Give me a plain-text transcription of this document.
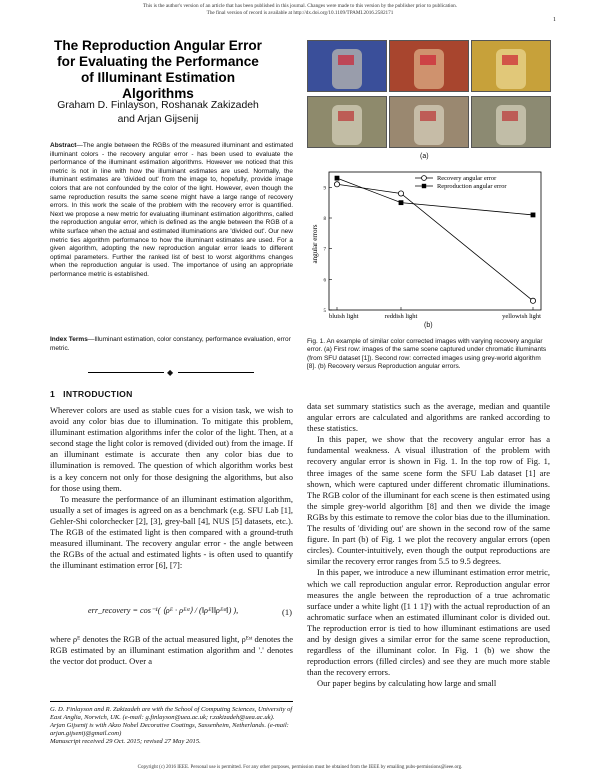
This is the author's version of an article that has been published in this journal. Changes were made to this version by the publisher prior to publication.
The final version of record is available at http://dx.doi.org/10.1109/TPAMI.2016.2582171
1
The Reproduction Angular Error for Evaluating the Performance of Illuminant Estimation Algorithms
Graham D. Finlayson, Roshanak Zakizadeh
and Arjan Gijsenij
Abstract—The angle between the RGBs of the measured illuminant and estimated illuminant colors - the recovery angular error - has been used to evaluate the performance of the illuminant estimation algorithms. However we noticed that this metric is not in line with how the illuminant estimates are used. Normally, the illuminant estimates are 'divided out' from the image to, hopefully, provide image colors that are not confounded by the color of the light. However, even though the same reproduction results the same scene might have a large range of recovery errors. In this work the scale of the problem with the recovery error is quantified. Next we propose a new metric for evaluating illuminant estimation algorithms, called the reproduction angular error, which is defined as the angle between the RGB of a white surface when the actual and estimated illuminations are 'divided out'. Our new metric ties algorithm performance to how the illuminant estimates are used. For a given algorithm, adopting the new reproduction angular error leads to different optimal parameters. Further the ranked list of best to worst algorithms changes when the reproduction angular is used. The importance of using an appropriate performance metric is established.
Index Terms—Illuminant estimation, color constancy, performance evaluation, error metric.
◆
1 INTRODUCTION

Wherever colors are used as stable cues for a vision task, we wish to avoid any color bias due to illumination. To mitigate this problem, illuminant estimation algorithms infer the color of the light. Then, at a second stage the light color is removed (divided out) from the image. If an illuminant estimate is accurate then any color bias due to illumination is removed. The question of which algorithm works best is a key concern not only for those designing the algorithms, but also for those using them.

To measure the performance of an illuminant estimation algorithm, usually a set of images is agreed on as a benchmark (e.g. SFU Lab [1], Gehler-Shi colorchecker [2], [3], grey-ball [4], NUS [5] datasets, etc.). The RGB of the estimated light is then compared with a ground-truth measured illuminant. The recovery angular error - the angle between the RGBs of the actual and estimated lights - is often used to quantify the illuminant estimation error [6], [7]:

err_recovery = cos⁻¹( ⟨ρᴱ · ρᴱˢᵗ⟩ / (‖ρᴱ‖‖ρᴱˢᵗ‖) ),	(1)

where ρᴱ denotes the RGB of the actual measured light, ρᴱˢᵗ denotes the RGB estimated by an illuminant estimation algorithm and '.' denotes the vector dot product. Over a

G. D. Finlayson and R. Zakizadeh are with the School of Computing Sciences, University of East Anglia, Norwich, UK. (e-mail: g.finlayson@uea.ac.uk; r.zakizadeh@uea.ac.uk).
Arjan Gijsenij is with Akzo Nobel Decorative Coatings, Sassenheim, Netherlands. (e-mail: arjan.gijsenij@gmail.com)
Manuscript received 29 Oct. 2015; revised 27 May 2015.
(a)
angular errors
5
6
7
8
9
bluish light	reddish light	yellowish light
Recovery angular error
Reproduction angular error
(b)
Fig. 1. An example of similar color corrected images with varying recovery angular error. (a) First row: images of the same scene captured under chromatic illuminants (from SFU dataset [1]). Second row: corrected images using grey-world algorithm [8]. (b) Recovery versus Reproduction angular errors.

data set summary statistics such as the average, median and quantile angular errors are calculated and algorithms are ranked according to these statistics.

In this paper, we show that the recovery angular error has a fundamental weakness. A visual illustration of the problem with recovery angular error is shown in Fig. 1. In the top row of Fig. 1, three images of the same scene form the SFU Lab dataset [1] are shown, which were captured under different chromatic illuminations. The RGB color of the illuminant for each scene is then estimated using the simple grey-world algorithm [8] and then we divide the image RGBs by this estimate to remove the color bias due to the illumination. The results of 'dividing out' are shown in the second row of the same figure. In part (b) of Fig. 1 we plot the recovery angular errors (open circles). Counter-intuitively, even though the output reproductions are similar the recovery error ranges from 5.5 to 9.5 degrees.

In this paper, we introduce a new illuminant estimation error metric, which we call reproduction angular error. Reproduction angular error measures the angle between the reproduction of a true achromatic surface under a white light ([1 1 1]ᵗ) with the actual reproduction of an achromatic surface when an estimated illuminant color is divided out. The reproduction error is tied to how illuminant estimations are used and by design gives a similar error for the same scene reproduction, regardless of the illuminant color. In Fig. 1 (b) we show the reproduction errors (filled circles) and see they are much more stable than the recovery errors.

Our paper begins by calculating how large and small

Copyright (c) 2016 IEEE. Personal use is permitted. For any other purposes, permission must be obtained from the IEEE by emailing pubs-permissions@ieee.org.
